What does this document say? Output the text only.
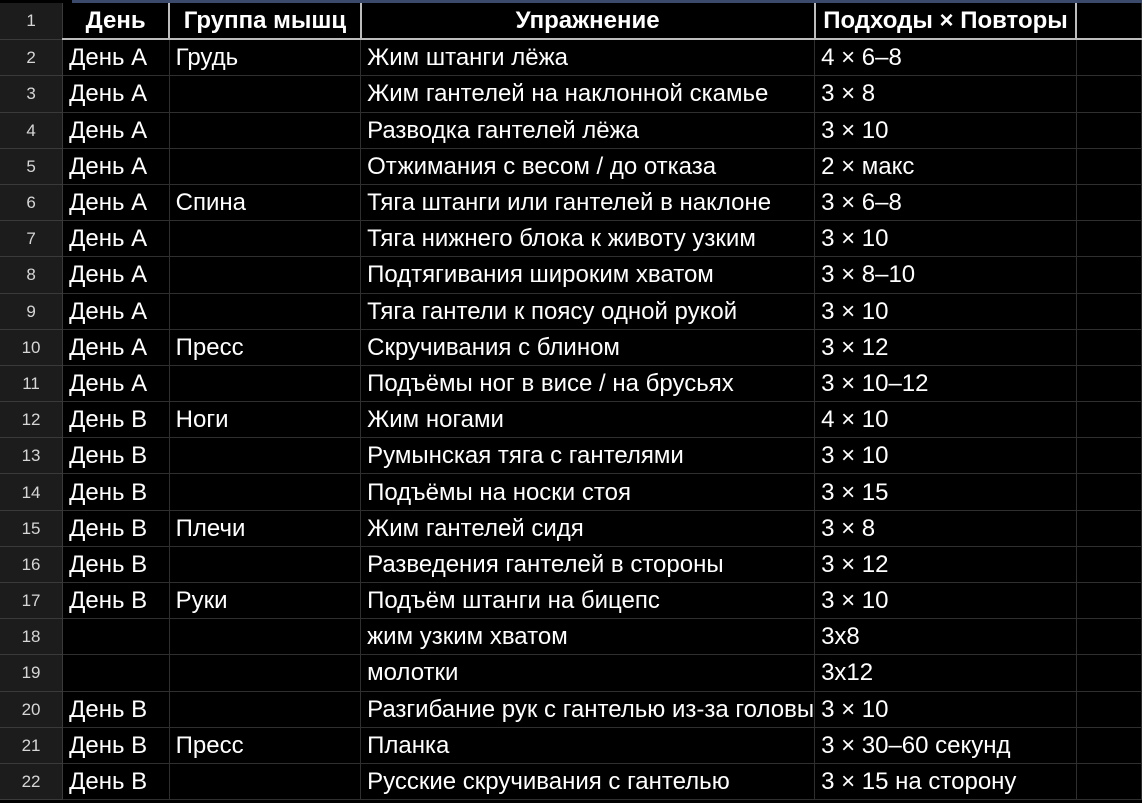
1	День	Группа мышц	Упражнение	Подходы × Повторы	
2	День A	Грудь	Жим штанги лёжа	4 × 6–8	
3	День A		Жим гантелей на наклонной скамье	3 × 8	
4	День A		Разводка гантелей лёжа	3 × 10	
5	День A		Отжимания с весом / до отказа	2 × макс	
6	День A	Спина	Тяга штанги или гантелей в наклоне	3 × 6–8	
7	День A		Тяга нижнего блока к животу узким	3 × 10	
8	День A		Подтягивания широким хватом	3 × 8–10	
9	День A		Тяга гантели к поясу одной рукой	3 × 10	
10	День A	Пресс	Скручивания с блином	3 × 12	
11	День A		Подъёмы ног в висе / на брусьях	3 × 10–12	
12	День B	Ноги	Жим ногами	4 × 10	
13	День B		Румынская тяга с гантелями	3 × 10	
14	День B		Подъёмы на носки стоя	3 × 15	
15	День B	Плечи	Жим гантелей сидя	3 × 8	
16	День B		Разведения гантелей в стороны	3 × 12	
17	День B	Руки	Подъём штанги на бицепс	3 × 10	
18			жим узким хватом	3x8	
19			молотки	3x12	
20	День B		Разгибание рук с гантелью из-за головы	3 × 10	
21	День B	Пресс	Планка	3 × 30–60 секунд	
22	День B		Русские скручивания с гантелью	3 × 15 на сторону	
